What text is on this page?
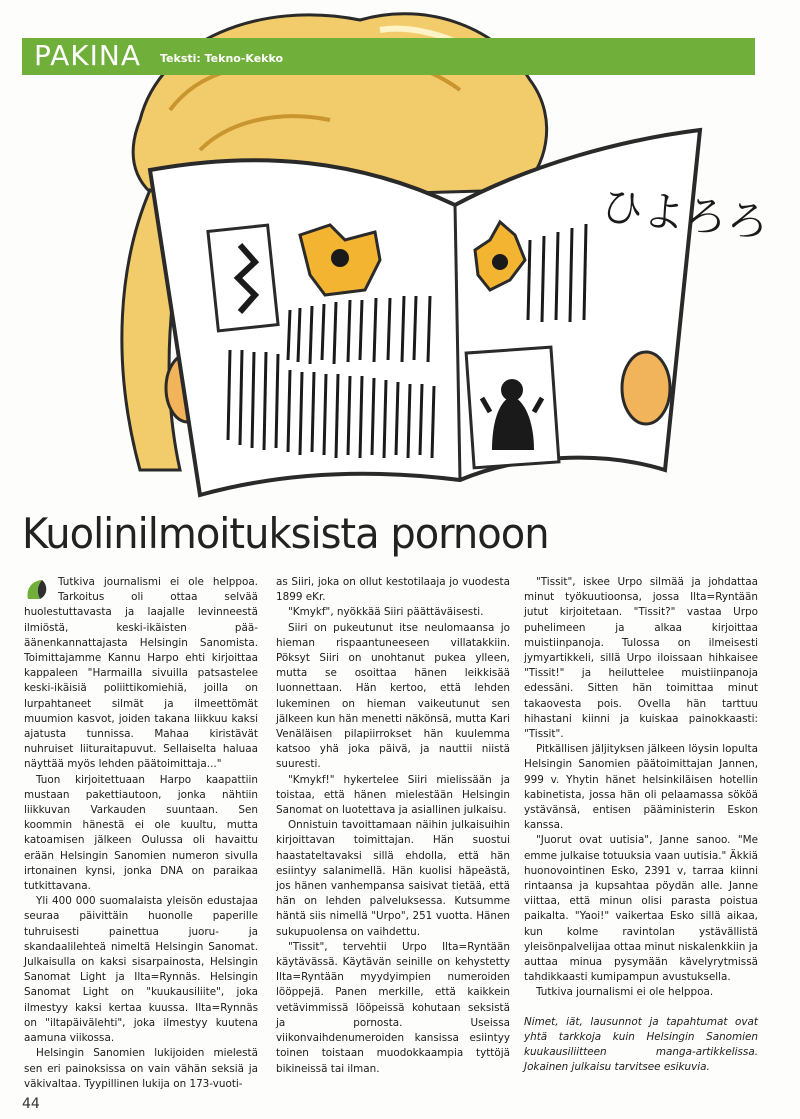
ひよろろ
PAKINA Teksti: Tekno-Kekko
Kuolinilmoituksista pornoon

Tutkiva journalismi ei ole helppoa. Tarkoitus oli ottaa selvää huolestuttavasta ja laajalle levinneestä ilmiöstä, keski-ikäisten pää-äänenkannattajasta Helsingin Sanomista. Toimittajamme Kannu Harpo ehti kirjoittaa kappaleen "Harmailla sivuilla patsastelee keski-ikäisiä poliittikomiehiä, joilla on lurpahtaneet silmät ja ilmeettömät muumion kasvot, joiden takana liikkuu kaksi ajatusta tunnissa. Mahaa kiristävät nuhruiset liituraitapuvut. Sellaiselta haluaa näyttää myös lehden päätoimittaja..."

Tuon kirjoitettuaan Harpo kaapattiin mustaan pakettiautoon, jonka nähtiin liikkuvan Varkauden suuntaan. Sen koommin hänestä ei ole kuultu, mutta katoamisen jälkeen Oulussa oli havaittu erään Helsingin Sanomien numeron sivulla irtonainen kynsi, jonka DNA on paraikaa tutkittavana.

Yli 400 000 suomalaista yleisön edustajaa seuraa päivittäin huonolle paperille tuhruisesti painettua juoru- ja skandaalilehteä nimeltä Helsingin Sanomat. Julkaisulla on kaksi sisarpainosta, Helsingin Sanomat Light ja Ilta=Rynnäs. Helsingin Sanomat Light on "kuukausiliite", joka ilmestyy kaksi kertaa kuussa. Ilta=Rynnäs on "iltapäivälehti", joka ilmestyy kuutena aamuna viikossa.

Helsingin Sanomien lukijoiden mielestä sen eri painoksissa on vain vähän seksiä ja väkivaltaa. Tyypillinen lukija on 173-vuoti-

as Siiri, joka on ollut kestotilaaja jo vuodesta 1899 eKr.

"Kmykf", nyökkää Siiri päättäväisesti.

Siiri on pukeutunut itse neulomaansa jo hieman rispaantuneeseen villatakkiin. Pöksyt Siiri on unohtanut pukea ylleen, mutta se osoittaa hänen leikkisää luonnettaan. Hän kertoo, että lehden lukeminen on hieman vaikeutunut sen jälkeen kun hän menetti näkönsä, mutta Kari Venäläisen pilapiirrokset hän kuulemma katsoo yhä joka päivä, ja nauttii niistä suuresti.

"Kmykf!" hykertelee Siiri mielissään ja toistaa, että hänen mielestään Helsingin Sanomat on luotettava ja asiallinen julkaisu.

Onnistuin tavoittamaan näihin julkaisuihin kirjoittavan toimittajan. Hän suostui haastateltavaksi sillä ehdolla, että hän esiintyy salanimellä. Hän kuolisi häpeästä, jos hänen vanhempansa saisivat tietää, että hän on lehden palveluksessa. Kutsumme häntä siis nimellä "Urpo", 251 vuotta. Hänen sukupuolensa on vaihdettu.

"Tissit", tervehtii Urpo Ilta=Ryntään käytävässä. Käytävän seinille on kehystetty Ilta=Ryntään myydyimpien numeroiden lööppejä. Panen merkille, että kaikkein vetävimmissä lööpeissä kohutaan seksistä ja pornosta. Useissa viikonvaihdenumeroiden kansissa esiintyy toinen toistaan muodokkaampia tyttöjä bikineissä tai ilman.

"Tissit", iskee Urpo silmää ja johdattaa minut työkuutioonsa, jossa Ilta=Ryntään jutut kirjoitetaan. "Tissit?" vastaa Urpo puhelimeen ja alkaa kirjoittaa muistiinpanoja. Tulossa on ilmeisesti jymyartikkeli, sillä Urpo iloissaan hihkaisee "Tissit!" ja heiluttelee muistiinpanoja edessäni. Sitten hän toimittaa minut takaovesta pois. Ovella hän tarttuu hihastani kiinni ja kuiskaa painokkaasti: "Tissit".

Pitkällisen jäljityksen jälkeen löysin lopulta Helsingin Sanomien päätoimittajan Jannen, 999 v. Yhytin hänet helsinkiläisen hotellin kabinetista, jossa hän oli pelaamassa sököä ystävänsä, entisen pääministerin Eskon kanssa.

"Juorut ovat uutisia", Janne sanoo. "Me emme julkaise totuuksia vaan uutisia." Äkkiä huonovointinen Esko, 2391 v, tarraa kiinni rintaansa ja kupsahtaa pöydän alle. Janne viittaa, että minun olisi parasta poistua paikalta. "Yaoi!" vaikertaa Esko sillä aikaa, kun kolme ravintolan ystävällistä yleisönpalvelijaa ottaa minut niskalenkkiin ja auttaa minua pysymään kävelyrytmissä tahdikkaasti kumipampun avustuksella.

Tutkiva journalismi ei ole helppoa.

Nimet, iät, lausunnot ja tapahtumat ovat yhtä tarkkoja kuin Helsingin Sanomien kuukausiliitteen manga-artikkelissa. Jokainen julkaisu tarvitsee esikuvia.

44
